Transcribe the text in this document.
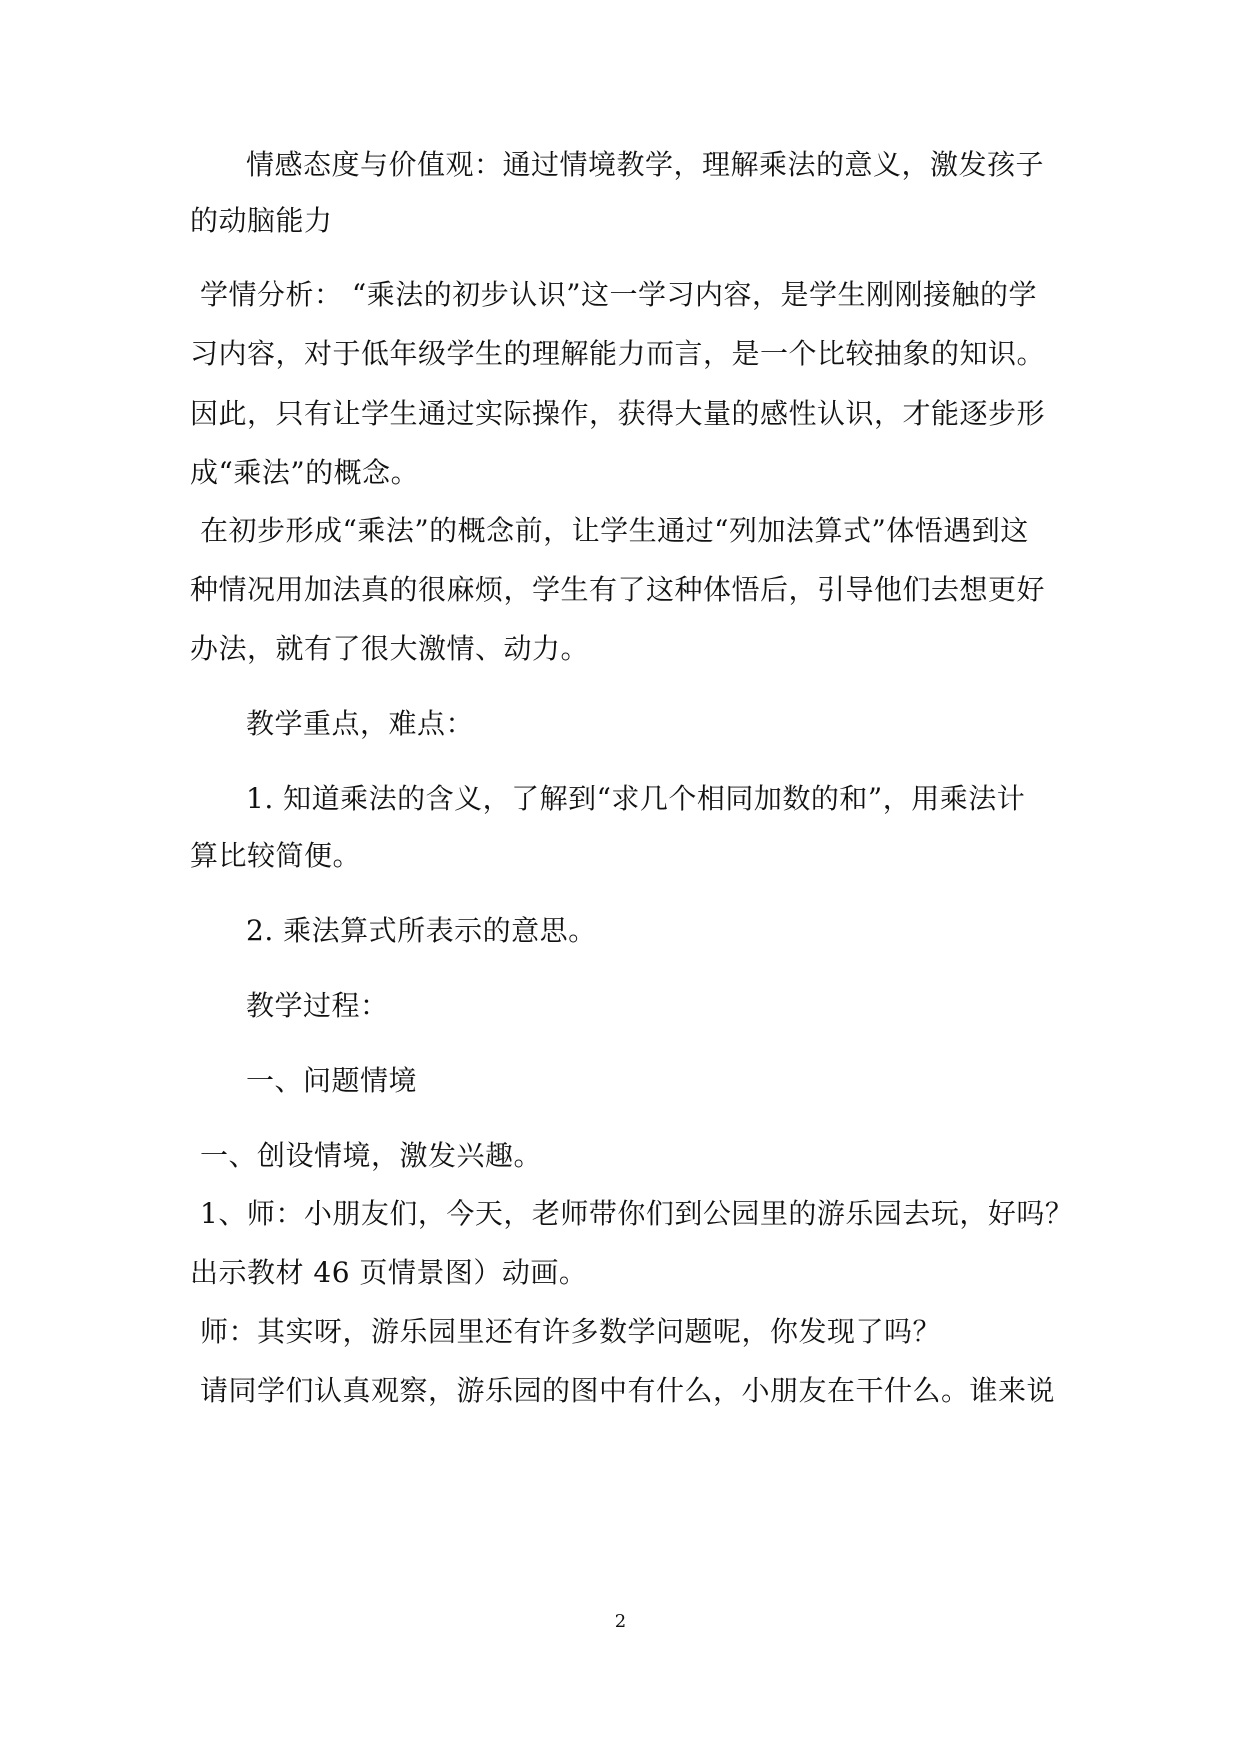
情感态度与价值观：通过情境教学，理解乘法的意义，激发孩子
的动脑能力
学情分析： “乘法的初步认识”这一学习内容，是学生刚刚接触的学
习内容，对于低年级学生的理解能力而言，是一个比较抽象的知识。
因此，只有让学生通过实际操作，获得大量的感性认识，才能逐步形
成“乘法”的概念。
在初步形成“乘法”的概念前，让学生通过“列加法算式”体悟遇到这
种情况用加法真的很麻烦，学生有了这种体悟后，引导他们去想更好
办法，就有了很大激情、动力。
教学重点，难点：
1. 知道乘法的含义，了解到“求几个相同加数的和”，用乘法计
算比较简便。
2. 乘法算式所表示的意思。
教学过程：
一、问题情境
一、创设情境，激发兴趣。
1、师：小朋友们，今天，老师带你们到公园里的游乐园去玩，好吗？
出示教材 46 页情景图）动画。
师：其实呀，游乐园里还有许多数学问题呢，你发现了吗？
请同学们认真观察，游乐园的图中有什么，小朋友在干什么。谁来说
2
